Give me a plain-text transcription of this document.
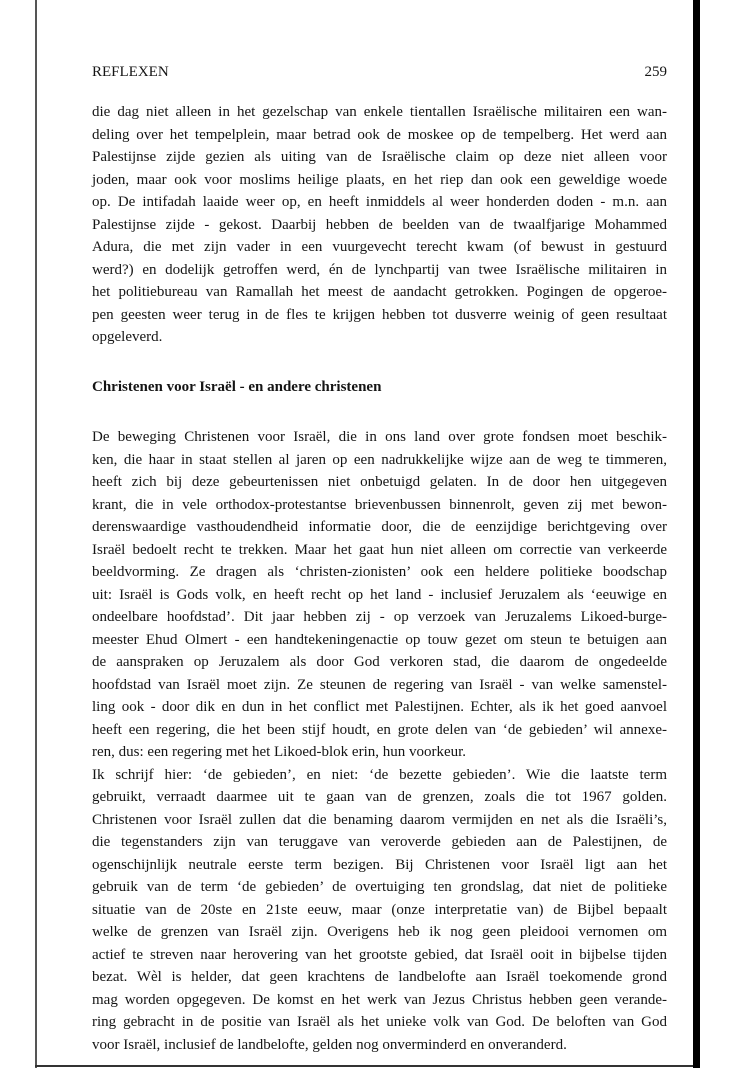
REFLEXEN	259
die dag niet alleen in het gezelschap van enkele tientallen Israëlische militairen een wan-
deling over het tempelplein, maar betrad ook de moskee op de tempelberg. Het werd aan
Palestijnse zijde gezien als uiting van de Israëlische claim op deze niet alleen voor
joden, maar ook voor moslims heilige plaats, en het riep dan ook een geweldige woede
op. De intifadah laaide weer op, en heeft inmiddels al weer honderden doden - m.n. aan
Palestijnse zijde - gekost. Daarbij hebben de beelden van de twaalfjarige Mohammed
Adura, die met zijn vader in een vuurgevecht terecht kwam (of bewust in gestuurd
werd?) en dodelijk getroffen werd, én de lynchpartij van twee Israëlische militairen in
het politiebureau van Ramallah het meest de aandacht getrokken. Pogingen de opgeroe-
pen geesten weer terug in de fles te krijgen hebben tot dusverre weinig of geen resultaat
opgeleverd.
Christenen voor Israël - en andere christenen
De beweging Christenen voor Israël, die in ons land over grote fondsen moet beschik-
ken, die haar in staat stellen al jaren op een nadrukkelijke wijze aan de weg te timmeren,
heeft zich bij deze gebeurtenissen niet onbetuigd gelaten. In de door hen uitgegeven
krant, die in vele orthodox-protestantse brievenbussen binnenrolt, geven zij met bewon-
derenswaardige vasthoudendheid informatie door, die de eenzijdige berichtgeving over
Israël bedoelt recht te trekken. Maar het gaat hun niet alleen om correctie van verkeerde
beeldvorming. Ze dragen als ‘christen-zionisten’ ook een heldere politieke boodschap
uit: Israël is Gods volk, en heeft recht op het land - inclusief Jeruzalem als ‘eeuwige en
ondeelbare hoofdstad’. Dit jaar hebben zij - op verzoek van Jeruzalems Likoed-burge-
meester Ehud Olmert - een handtekeningenactie op touw gezet om steun te betuigen aan
de aanspraken op Jeruzalem als door God verkoren stad, die daarom de ongedeelde
hoofdstad van Israël moet zijn. Ze steunen de regering van Israël - van welke samenstel-
ling ook - door dik en dun in het conflict met Palestijnen. Echter, als ik het goed aanvoel
heeft een regering, die het been stijf houdt, en grote delen van ‘de gebieden’ wil annexe-
ren, dus: een regering met het Likoed-blok erin, hun voorkeur.
Ik schrijf hier: ‘de gebieden’, en niet: ‘de bezette gebieden’. Wie die laatste term
gebruikt, verraadt daarmee uit te gaan van de grenzen, zoals die tot 1967 golden.
Christenen voor Israël zullen dat die benaming daarom vermijden en net als die Israëli’s,
die tegenstanders zijn van teruggave van veroverde gebieden aan de Palestijnen, de
ogenschijnlijk neutrale eerste term bezigen. Bij Christenen voor Israël ligt aan het
gebruik van de term ‘de gebieden’ de overtuiging ten grondslag, dat niet de politieke
situatie van de 20ste en 21ste eeuw, maar (onze interpretatie van) de Bijbel bepaalt
welke de grenzen van Israël zijn. Overigens heb ik nog geen pleidooi vernomen om
actief te streven naar herovering van het grootste gebied, dat Israël ooit in bijbelse tijden
bezat. Wèl is helder, dat geen krachtens de landbelofte aan Israël toekomende grond
mag worden opgegeven. De komst en het werk van Jezus Christus hebben geen verande-
ring gebracht in de positie van Israël als het unieke volk van God. De beloften van God
voor Israël, inclusief de landbelofte, gelden nog onverminderd en onveranderd.
